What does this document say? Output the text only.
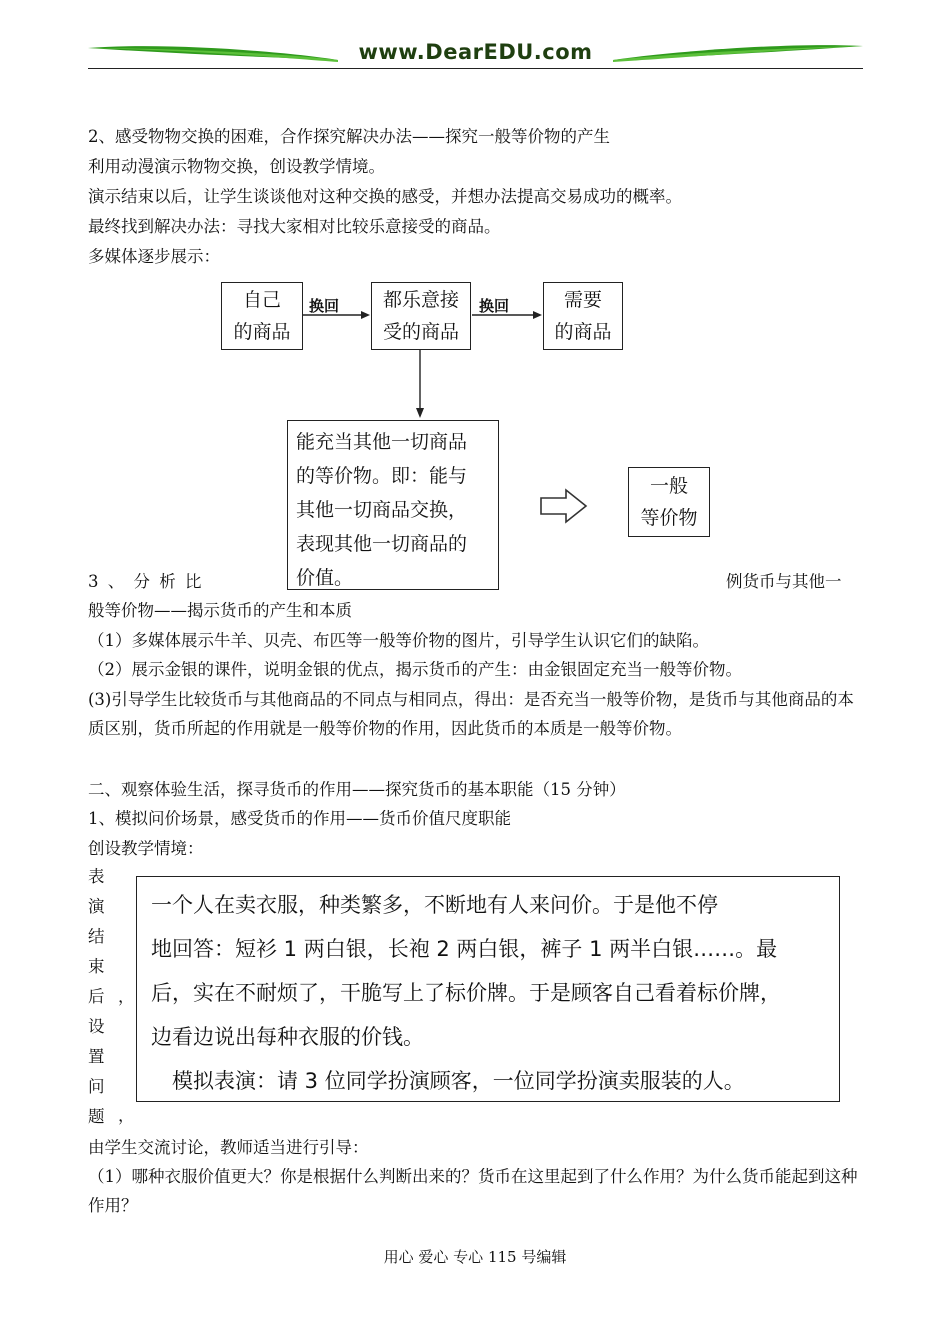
www.DearEDU.com
2、感受物物交换的困难，合作探究解决办法——探究一般等价物的产生
利用动漫演示物物交换，创设教学情境。
演示结束以后，让学生谈谈他对这种交换的感受，并想办法提高交易成功的概率。
最终找到解决办法：寻找大家相对比较乐意接受的商品。
多媒体逐步展示：
自己
的商品
都乐意接
受的商品
需要
的商品
换回	换回
能充当其他一切商品
的等价物。即：能与
其他一切商品交换，
表现其他一切商品的
价值。
一般
等价物
3 、 分 析 比	例货币与其他一
般等价物——揭示货币的产生和本质
（1）多媒体展示牛羊、贝壳、布匹等一般等价物的图片，引导学生认识它们的缺陷。
（2）展示金银的课件，说明金银的优点，揭示货币的产生：由金银固定充当一般等价物。
(3)引导学生比较货币与其他商品的不同点与相同点，得出：是否充当一般等价物，是货币与其他商品的本质区别，货币所起的作用就是一般等价物的作用，因此货币的本质是一般等价物。
二、观察体验生活，探寻货币的作用——探究货币的基本职能（15 分钟）
1、模拟问价场景，感受货币的作用——货币价值尺度职能
创设教学情境：
表
演
结
束
后
设
置
问
题
，
，

一个人在卖衣服，种类繁多，不断地有人来问价。于是他不停

地回答：短衫 1 两白银，长袍 2 两白银，裤子 1 两半白银……。最

后，实在不耐烦了，干脆写上了标价牌。于是顾客自己看着标价牌，

边看边说出每种衣服的价钱。

　模拟表演：请 3 位同学扮演顾客，一位同学扮演卖服装的人。

由学生交流讨论，教师适当进行引导：
（1）哪种衣服价值更大？你是根据什么判断出来的？货币在这里起到了什么作用？为什么货币能起到这种作用？
用心 爱心 专心 115 号编辑
